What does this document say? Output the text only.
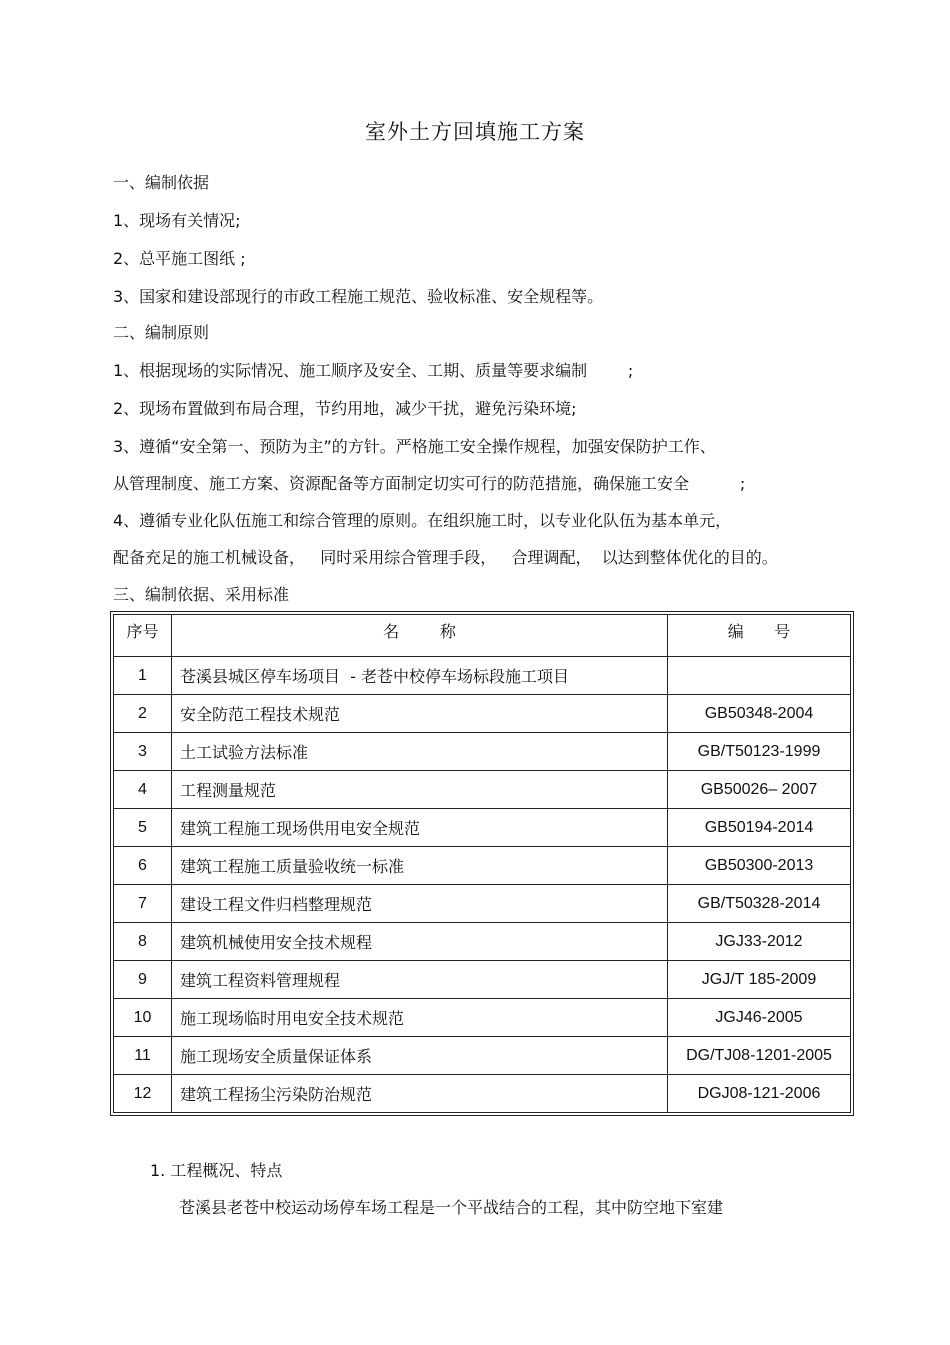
室外土方回填施工方案
一、编制依据
1、现场有关情况;
2、总平施工图纸 ;
3、国家和建设部现行的市政工程施工规范、验收标准、安全规程等。
二、编制原则
1、根据现场的实际情况、施工顺序及安全、工期、质量等要求编制        ;
2、现场布置做到布局合理，节约用地，减少干扰，避免污染环境;
3、遵循“安全第一、预防为主”的方针。严格施工安全操作规程，加强安保防护工作、
从管理制度、施工方案、资源配备等方面制定切实可行的防范措施，确保施工安全          ;
4、遵循专业化队伍施工和综合管理的原则。在组织施工时，以专业化队伍为基本单元，
配备充足的施工机械设备，   同时采用综合管理手段，   合理调配，  以达到整体优化的目的。
三、编制依据、采用标准
序号	名        称	编      号
1	苍溪县城区停车场项目  - 老苍中校停车场标段施工项目	
2	安全防范工程技术规范	GB50348-2004
3	土工试验方法标准	GB/T50123-1999
4	工程测量规范	GB50026– 2007
5	建筑工程施工现场供用电安全规范	GB50194-2014
6	建筑工程施工质量验收统一标准	GB50300-2013
7	建设工程文件归档整理规范	GB/T50328-2014
8	建筑机械使用安全技术规程	JGJ33-2012
9	建筑工程资料管理规程	JGJ/T 185-2009
10	施工现场临时用电安全技术规范	JGJ46-2005
11	施工现场安全质量保证体系	DG/TJ08-1201-2005
12	建筑工程扬尘污染防治规范	DGJ08-121-2006
1. 工程概况、特点
苍溪县老苍中校运动场停车场工程是一个平战结合的工程，其中防空地下室建
